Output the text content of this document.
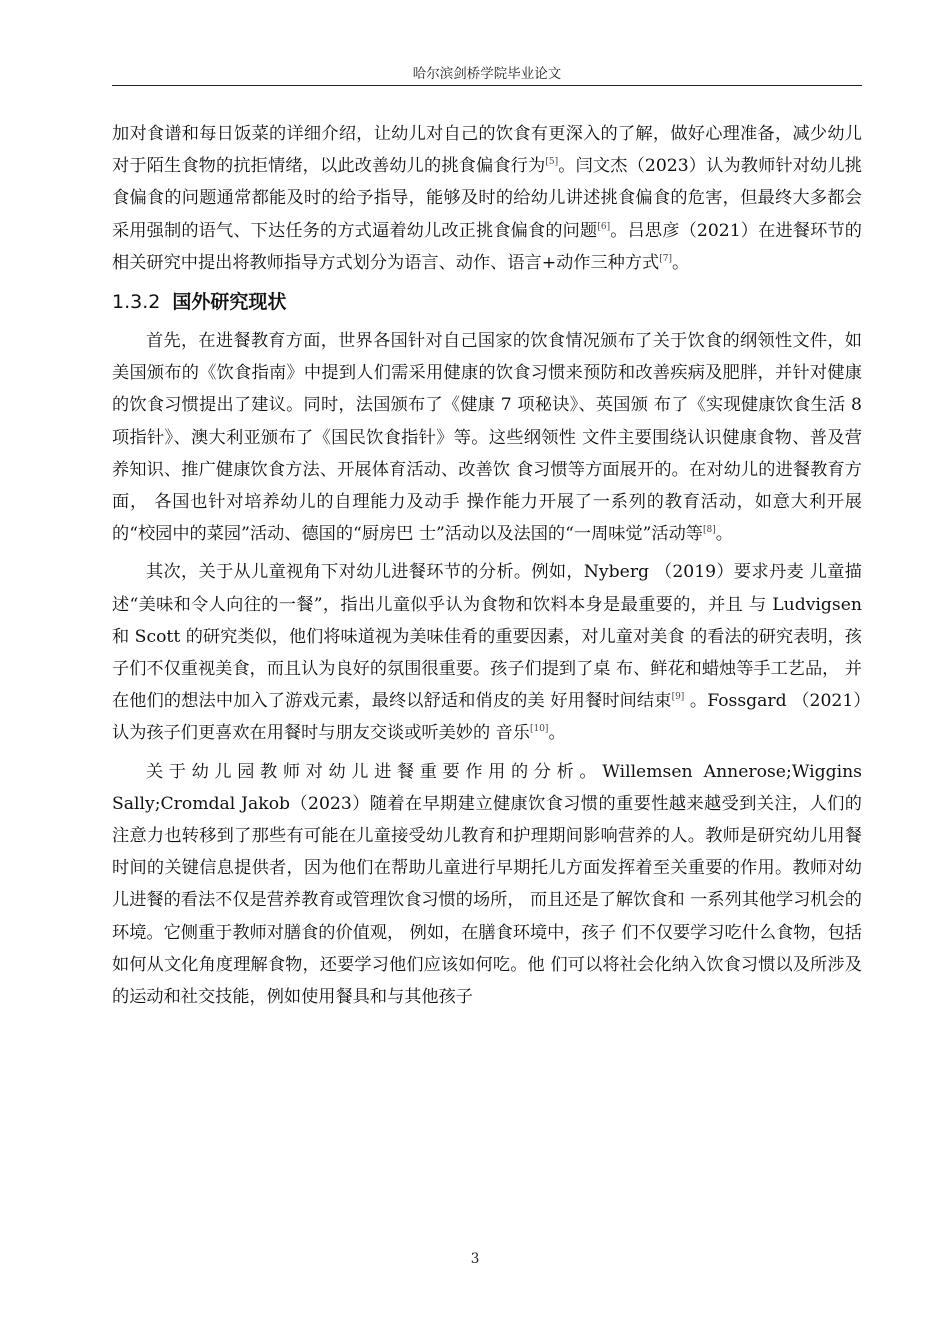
哈尔滨剑桥学院毕业论文

加对食谱和每日饭菜的详细介绍，让幼儿对自己的饮食有更深入的了解，做好心理准备，减少幼儿对于陌生食物的抗拒情绪，以此改善幼儿的挑食偏食行为[5]。闫文杰（2023）认为教师针对幼儿挑食偏食的问题通常都能及时的给予指导，能够及时的给幼儿讲述挑食偏食的危害，但最终大多都会采用强制的语气、下达任务的方式逼着幼儿改正挑食偏食的问题[6]。吕思彦（2021）在进餐环节的相关研究中提出将教师指导方式划分为语言、动作、语言+动作三种方式[7]。

1.3.2 国外研究现状

首先，在进餐教育方面，世界各国针对自己国家的饮食情况颁布了关于饮食的纲领性文件，如美国颁布的《饮食指南》中提到人们需采用健康的饮食习惯来预防和改善疾病及肥胖，并针对健康的饮食习惯提出了建议。同时，法国颁布了《健康 7 项秘诀》、英国颁 布了《实现健康饮食生活 8 项指针》、澳大利亚颁布了《国民饮食指针》等。这些纲领性 文件主要围绕认识健康食物、普及营养知识、推广健康饮食方法、开展体育活动、改善饮 食习惯等方面展开的。在对幼儿的进餐教育方面， 各国也针对培养幼儿的自理能力及动手 操作能力开展了一系列的教育活动，如意大利开展的“校园中的菜园”活动、德国的“厨房巴 士”活动以及法国的“一周味觉”活动等[8]。

其次，关于从儿童视角下对幼儿进餐环节的分析。例如，Nyberg （2019）要求丹麦 儿童描述“美味和令人向往的一餐”，指出儿童似乎认为食物和饮料本身是最重要的，并且 与 Ludvigsen 和 Scott 的研究类似，他们将味道视为美味佳肴的重要因素，对儿童对美食 的看法的研究表明，孩子们不仅重视美食，而且认为良好的氛围很重要。孩子们提到了桌 布、鲜花和蜡烛等手工艺品， 并在他们的想法中加入了游戏元素，最终以舒适和俏皮的美 好用餐时间结束[9] 。Fossgard （2021）认为孩子们更喜欢在用餐时与朋友交谈或听美妙的 音乐[10]。

关于幼儿园教师对幼儿进餐重要作用的分析。Willemsen Annerose;Wiggins Sally;Cromdal Jakob（2023）随着在早期建立健康饮食习惯的重要性越来越受到关注，人们的注意力也转移到了那些有可能在儿童接受幼儿教育和护理期间影响营养的人。教师是研究幼儿用餐时间的关键信息提供者，因为他们在帮助儿童进行早期托儿方面发挥着至关重要的作用。教师对幼儿进餐的看法不仅是营养教育或管理饮食习惯的场所， 而且还是了解饮食和 一系列其他学习机会的环境。它侧重于教师对膳食的价值观， 例如，在膳食环境中，孩子 们不仅要学习吃什么食物，包括如何从文化角度理解食物，还要学习他们应该如何吃。他 们可以将社会化纳入饮食习惯以及所涉及的运动和社交技能，例如使用餐具和与其他孩子

3
